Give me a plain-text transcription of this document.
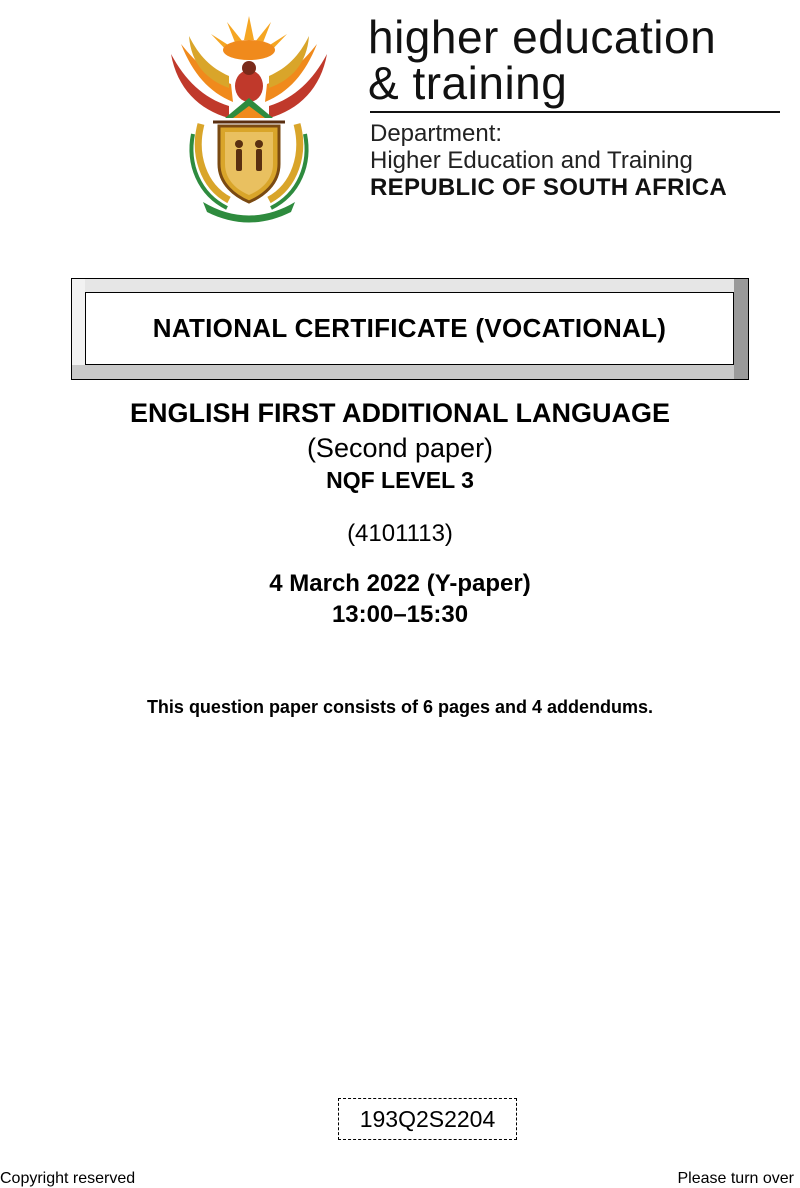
higher education
& training
Department:
Higher Education and Training
REPUBLIC OF SOUTH AFRICA
NATIONAL CERTIFICATE (VOCATIONAL)
ENGLISH FIRST ADDITIONAL LANGUAGE
(Second paper)
NQF LEVEL 3
(4101113)
4 March 2022 (Y-paper)
13:00–15:30
This question paper consists of 6 pages and 4 addendums.
193Q2S2204
Copyright reserved	Please turn over
